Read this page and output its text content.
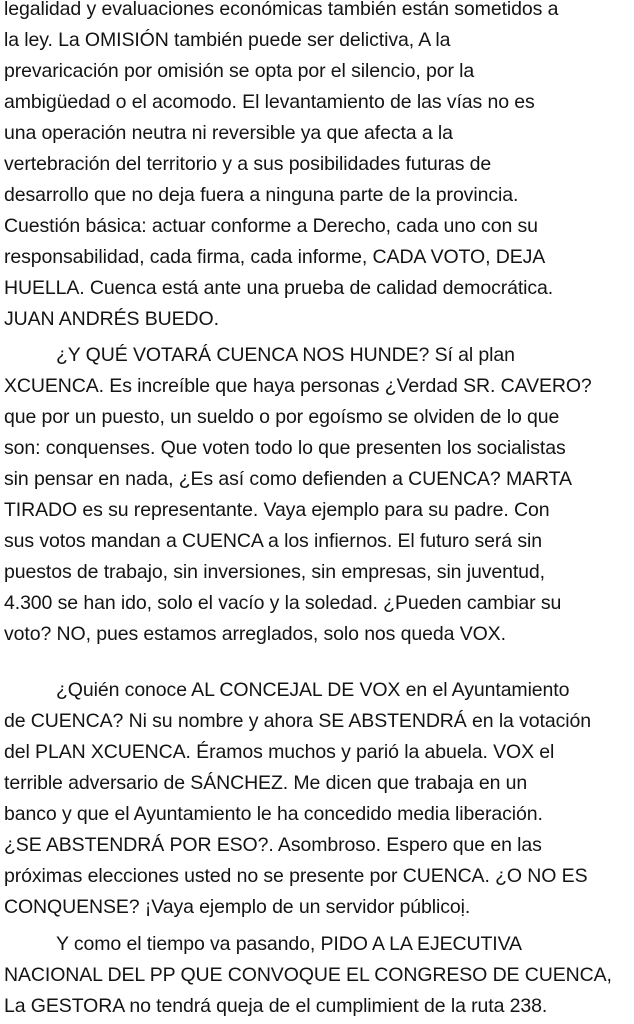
legalidad y evaluaciones económicas también están sometidos a
la ley. La OMISIÓN también puede ser delictiva, A la
prevaricación por omisión se opta por el silencio, por la
ambigüedad o el acomodo. El levantamiento de las vías no es
una operación neutra ni reversible ya que afecta a la
vertebración del territorio y a sus posibilidades futuras de
desarrollo que no deja fuera a ninguna parte de la provincia.
Cuestión básica: actuar conforme a Derecho, cada uno con su
responsabilidad, cada firma, cada informe, CADA VOTO, DEJA
HUELLA. Cuenca está ante una prueba de calidad democrática.
JUAN ANDRÉS BUEDO.
¿Y QUÉ VOTARÁ CUENCA NOS HUNDE? Sí al plan
XCUENCA. Es increíble que haya personas ¿Verdad SR. CAVERO?
que por un puesto, un sueldo o por egoísmo se olviden de lo que
son: conquenses. Que voten todo lo que presenten los socialistas
sin pensar en nada, ¿Es así como defienden a CUENCA? MARTA
TIRADO es su representante. Vaya ejemplo para su padre. Con
sus votos mandan a CUENCA a los infiernos. El futuro será sin
puestos de trabajo, sin inversiones, sin empresas, sin juventud,
4.300 se han ido, solo el vacío y la soledad. ¿Pueden cambiar su
voto? NO, pues estamos arreglados, solo nos queda VOX.
¿Quién conoce AL CONCEJAL DE VOX en el Ayuntamiento
de CUENCA? Ni su nombre y ahora SE ABSTENDRÁ en la votación
del PLAN XCUENCA. Éramos muchos y parió la abuela. VOX el
terrible adversario de SÁNCHEZ. Me dicen que trabaja en un
banco y que el Ayuntamiento le ha concedido media liberación.
¿SE ABSTENDRÁ POR ESO?. Asombroso. Espero que en las
próximas elecciones usted no se presente por CUENCA. ¿O NO ES
CONQUENSE? ¡Vaya ejemplo de un servidor públicoị.
Y como el tiempo va pasando, PIDO A LA EJECUTIVA
NACIONAL DEL PP QUE CONVOQUE EL CONGRESO DE CUENCA,
La GESTORA no tendrá queja de el cumplimient de la ruta 238.
